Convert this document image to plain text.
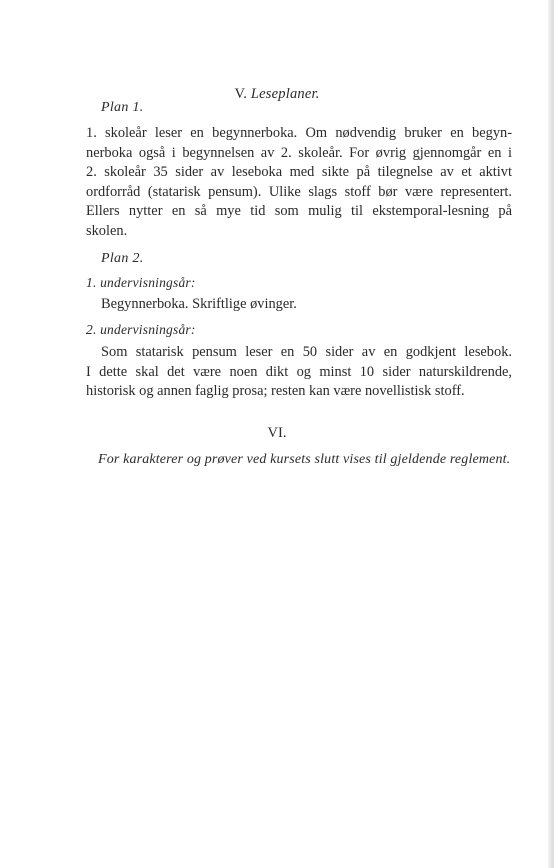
V. Leseplaner.
Plan 1.
1. skoleår leser en begynnerboka. Om nødvendig bruker en begyn-
nerboka også i begynnelsen av 2. skoleår. For øvrig gjennomgår en i
2. skoleår 35 sider av leseboka med sikte på tilegnelse av et aktivt
ordforråd (statarisk pensum). Ulike slags stoff bør være representert.
Ellers nytter en så mye tid som mulig til ekstemporal-lesning på
skolen.
Plan 2.
1. undervisningsår:
Begynnerboka. Skriftlige øvinger.
2. undervisningsår:
Som statarisk pensum leser en 50 sider av en godkjent lesebok.
I dette skal det være noen dikt og minst 10 sider naturskildrende,
historisk og annen faglig prosa; resten kan være novellistisk stoff.
VI.
For karakterer og prøver ved kursets slutt vises til gjeldende reglement.
